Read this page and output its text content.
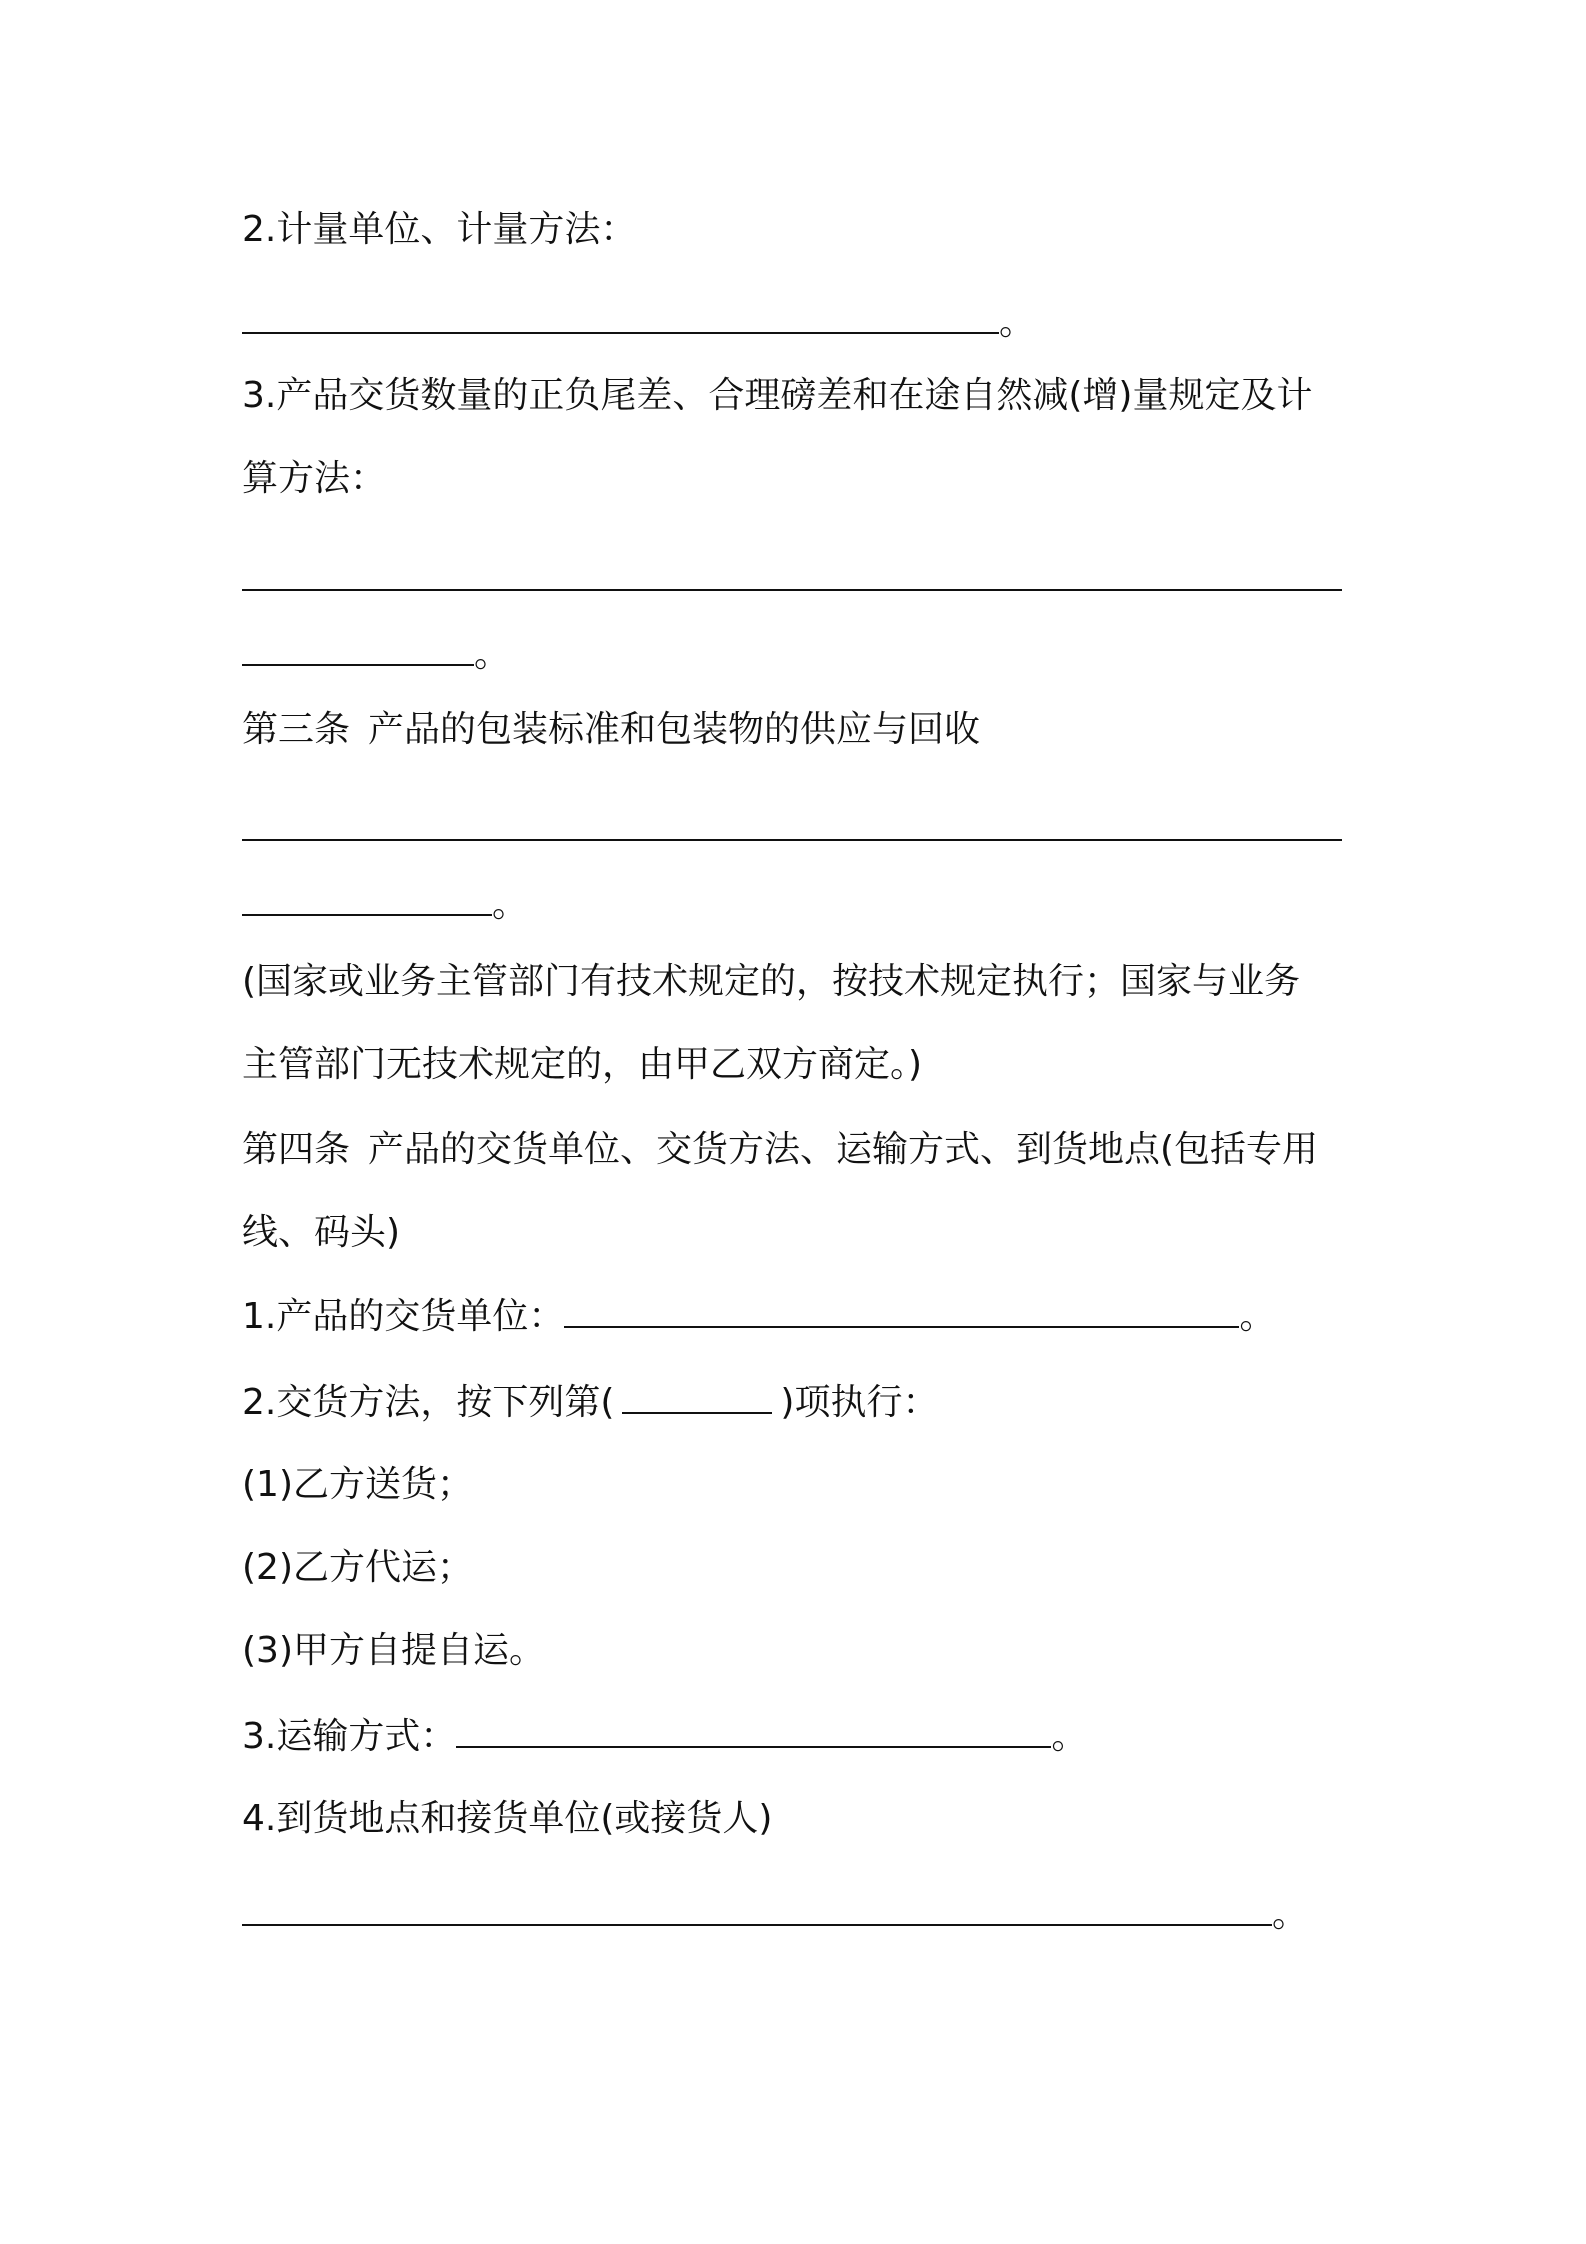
2.计量单位、计量方法：
。
3.产品交货数量的正负尾差、合理磅差和在途自然减(增)量规定及计
算方法：
。
第三条 产品的包装标准和包装物的供应与回收
。
(国家或业务主管部门有技术规定的，按技术规定执行；国家与业务
主管部门无技术规定的，由甲乙双方商定。)
第四条 产品的交货单位、交货方法、运输方式、到货地点(包括专用
线、码头)
1.产品的交货单位：	。
2.交货方法，按下列第(	)项执行：
(1)乙方送货；
(2)乙方代运；
(3)甲方自提自运。
3.运输方式：	。
4.到货地点和接货单位(或接货人)
。
